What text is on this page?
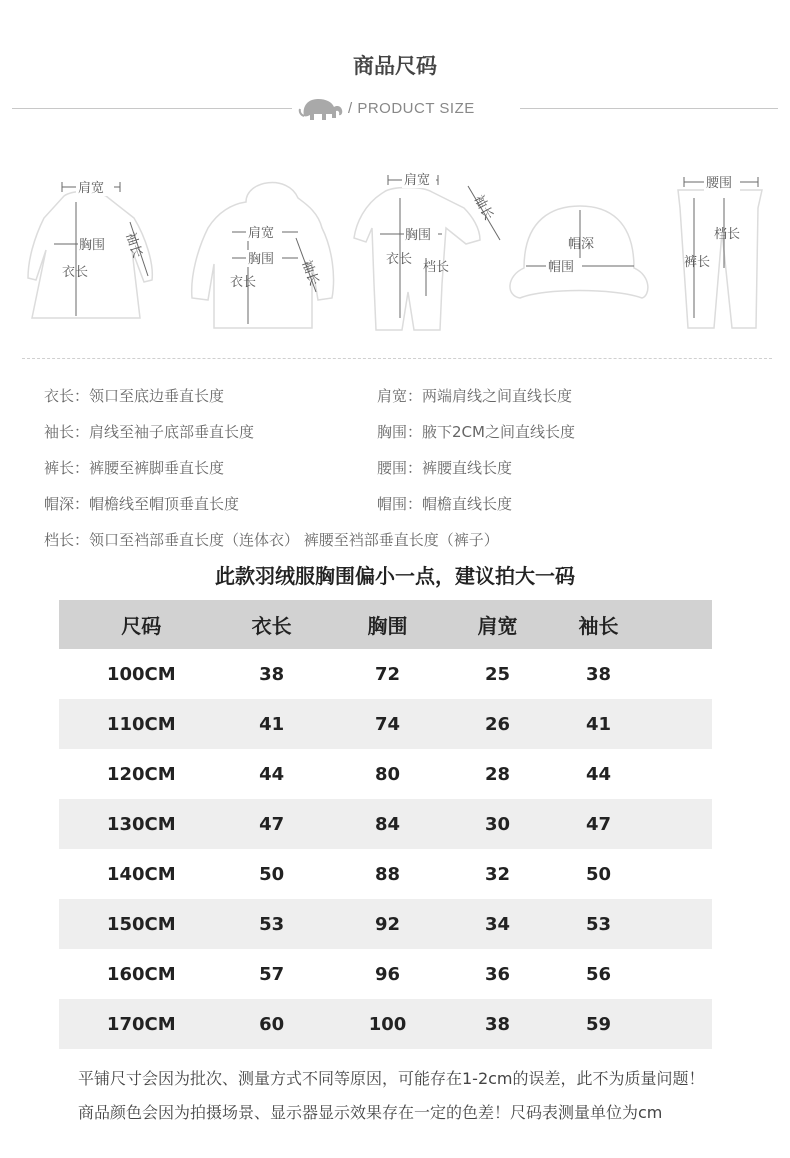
商品尺码
/ PRODUCT SIZE
肩宽
胸围
衣长
袖长	肩宽
胸围
衣长	袖长
肩宽
胸围
衣长
档长
袖长
帽深
帽围
腰围
档长
裤长
衣长：领口至底边垂直长度	肩宽：两端肩线之间直线长度
袖长：肩线至袖子底部垂直长度	胸围：腋下2CM之间直线长度
裤长：裤腰至裤脚垂直长度	腰围：裤腰直线长度
帽深：帽檐线至帽顶垂直长度	帽围：帽檐直线长度
档长：领口至裆部垂直长度（连体衣） 裤腰至裆部垂直长度（裤子）
此款羽绒服胸围偏小一点，建议拍大一码
尺码	衣长	胸围	肩宽	袖长	
100CM	38	72	25	38	
110CM	41	74	26	41	
120CM	44	80	28	44	
130CM	47	84	30	47	
140CM	50	88	32	50	
150CM	53	92	34	53	
160CM	57	96	36	56	
170CM	60	100	38	59	
平铺尺寸会因为批次、测量方式不同等原因，可能存在1-2cm的误差，此不为质量问题！
商品颜色会因为拍摄场景、显示器显示效果存在一定的色差！尺码表测量单位为cm
